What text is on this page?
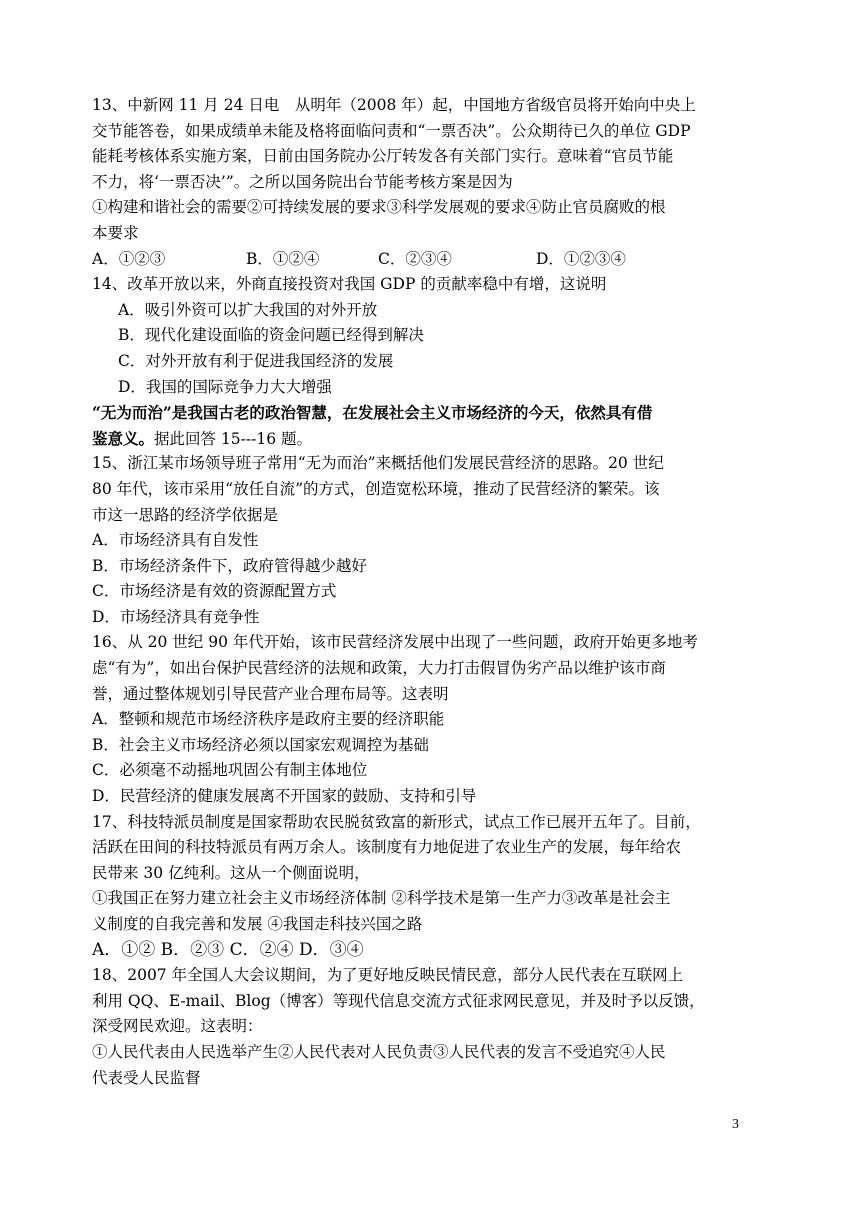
13、中新网 11 月 24 日电　从明年（2008 年）起，中国地方省级官员将开始向中央上
交节能答卷，如果成绩单未能及格将面临问责和“一票否决”。公众期待已久的单位 GDP
能耗考核体系实施方案，日前由国务院办公厅转发各有关部门实行。意味着“官员节能
不力，将‘一票否决’”。之所以国务院出台节能考核方案是因为
①构建和谐社会的需要②可持续发展的要求③科学发展观的要求④防止官员腐败的根
本要求
A．①②③	B．①②④	C．②③④	D．①②③④
14、改革开放以来，外商直接投资对我国 GDP 的贡献率稳中有增，这说明
A．吸引外资可以扩大我国的对外开放
B．现代化建设面临的资金问题已经得到解决
C．对外开放有利于促进我国经济的发展
D．我国的国际竞争力大大增强
“无为而治”是我国古老的政治智慧，在发展社会主义市场经济的今天，依然具有借
鉴意义。据此回答 15---16 题。
15、浙江某市场领导班子常用“无为而治”来概括他们发展民营经济的思路。20 世纪
80 年代，该市采用“放任自流”的方式，创造宽松环境，推动了民营经济的繁荣。该
市这一思路的经济学依据是
A．市场经济具有自发性
B．市场经济条件下，政府管得越少越好
C．市场经济是有效的资源配置方式
D．市场经济具有竞争性
16、从 20 世纪 90 年代开始，该市民营经济发展中出现了一些问题，政府开始更多地考
虑“有为”，如出台保护民营经济的法规和政策，大力打击假冒伪劣产品以维护该市商
誉，通过整体规划引导民营产业合理布局等。这表明
A．整顿和规范市场经济秩序是政府主要的经济职能
B．社会主义市场经济必须以国家宏观调控为基础
C．必须毫不动摇地巩固公有制主体地位
D．民营经济的健康发展离不开国家的鼓励、支持和引导
17、科技特派员制度是国家帮助农民脱贫致富的新形式，试点工作已展开五年了。目前，
活跃在田间的科技特派员有两万余人。该制度有力地促进了农业生产的发展，每年给农
民带来 30 亿纯利。这从一个侧面说明，
①我国正在努力建立社会主义市场经济体制 ②科学技术是第一生产力③改革是社会主
义制度的自我完善和发展 ④我国走科技兴国之路
A．①② B．②③ C．②④ D．③④
18、2007 年全国人大会议期间，为了更好地反映民情民意，部分人民代表在互联网上
利用 QQ、E-mail、Blog（博客）等现代信息交流方式征求网民意见，并及时予以反馈，
深受网民欢迎。这表明：
①人民代表由人民选举产生②人民代表对人民负责③人民代表的发言不受追究④人民
代表受人民监督
3
